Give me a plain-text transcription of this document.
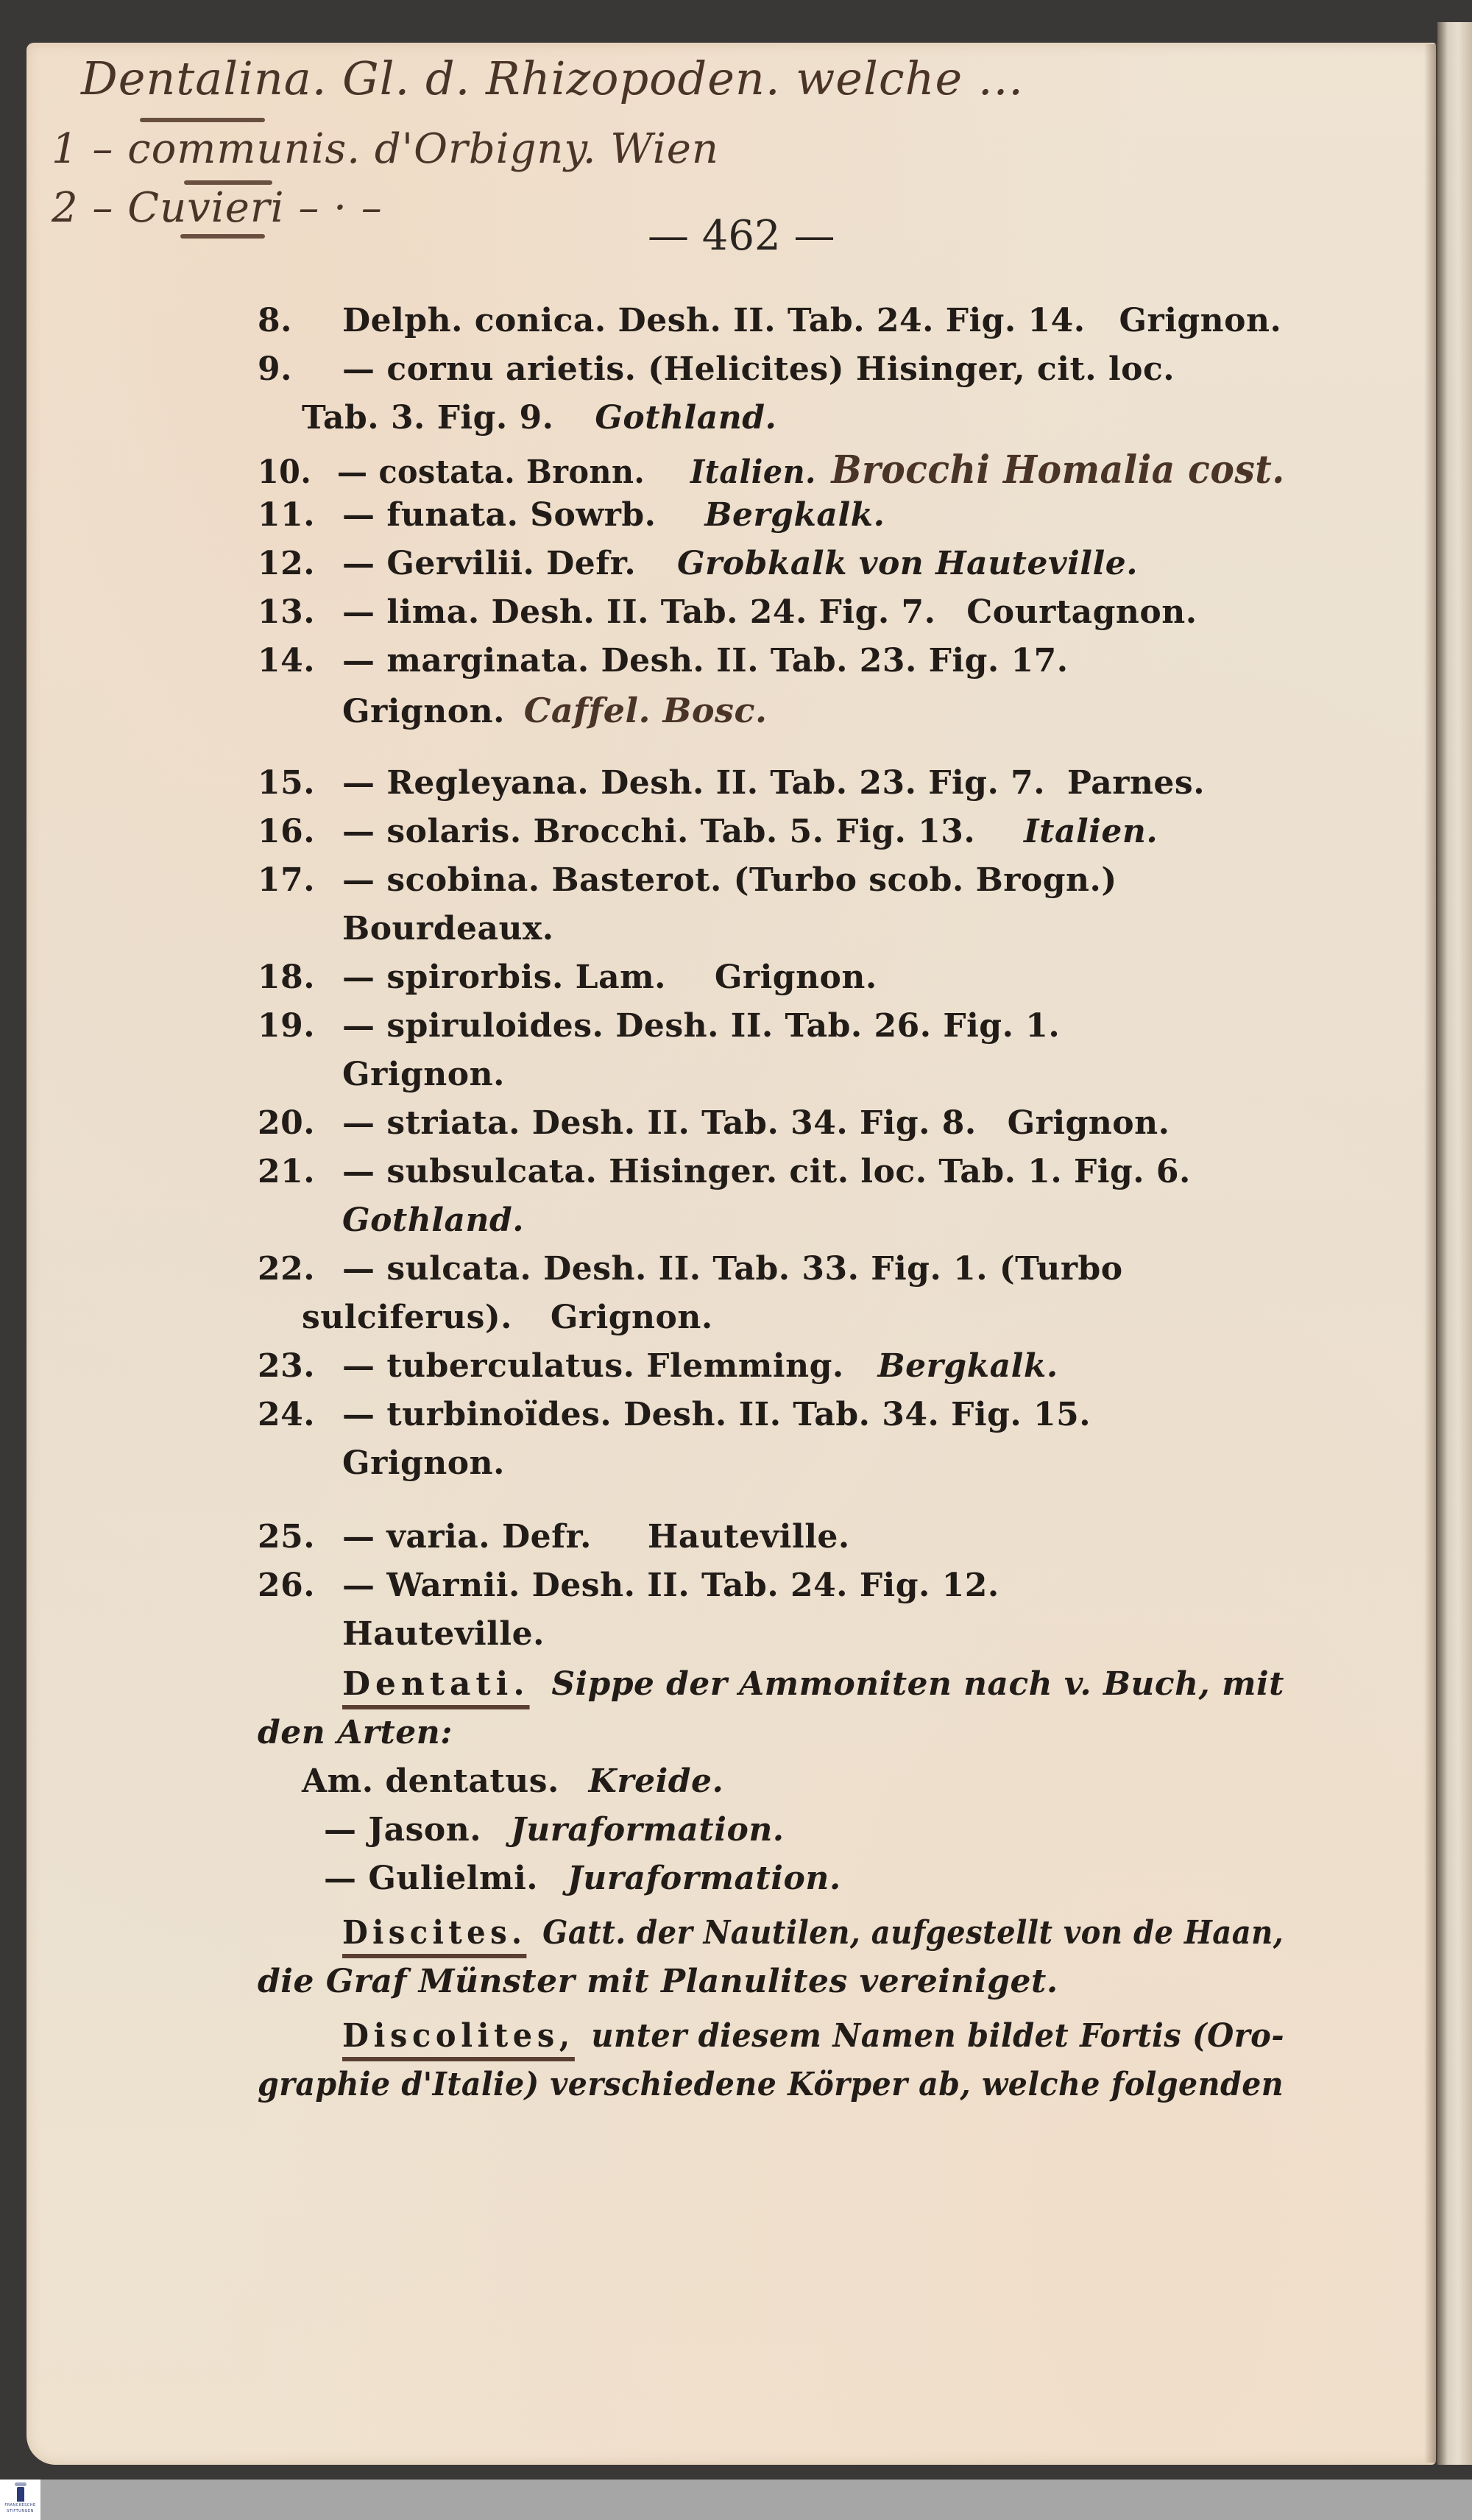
Dentalina. Gl. d. Rhizopoden. welche ...
1 – communis. d'Orbigny. Wien
2 – Cuvieri – · –
— 462 —
8. Delph. conica. Desh. II. Tab. 24. Fig. 14. Grignon.
9. — cornu arietis. (Helicites) Hisinger, cit. loc.
Tab. 3. Fig. 9. Gothland.
10. — costata. Bronn. Italien. Brocchi Homalia cost.
11. — funata. Sowrb. Bergkalk.
12. — Gervilii. Defr. Grobkalk von Hauteville.
13. — lima. Desh. II. Tab. 24. Fig. 7. Courtagnon.
14. — marginata. Desh. II. Tab. 23. Fig. 17.
Grignon. Caffel. Bosc.
15. — Regleyana. Desh. II. Tab. 23. Fig. 7. Parnes.
16. — solaris. Brocchi. Tab. 5. Fig. 13. Italien.
17. — scobina. Basterot. (Turbo scob. Brogn.)
Bourdeaux.
18. — spirorbis. Lam. Grignon.
19. — spiruloides. Desh. II. Tab. 26. Fig. 1.
Grignon.
20. — striata. Desh. II. Tab. 34. Fig. 8. Grignon.
21. — subsulcata. Hisinger. cit. loc. Tab. 1. Fig. 6.
Gothland.
22. — sulcata. Desh. II. Tab. 33. Fig. 1. (Turbo
sulciferus). Grignon.
23. — tuberculatus. Flemming. Bergkalk.
24. — turbinoïdes. Desh. II. Tab. 34. Fig. 15.
Grignon.
25. — varia. Defr. Hauteville.
26. — Warnii. Desh. II. Tab. 24. Fig. 12.
Hauteville.
Dentati. Sippe der Ammoniten nach v. Buch, mit
den Arten:
Am. dentatus. Kreide.
— Jason. Juraformation.
— Gulielmi. Juraformation.
Discites. Gatt. der Nautilen, aufgestellt von de Haan,
die Graf Münster mit Planulites vereiniget.
Discolites, unter diesem Namen bildet Fortis (Oro-
graphie d'Italie) verschiedene Körper ab, welche folgenden
FRANCKESCHE
STIFTUNGEN
